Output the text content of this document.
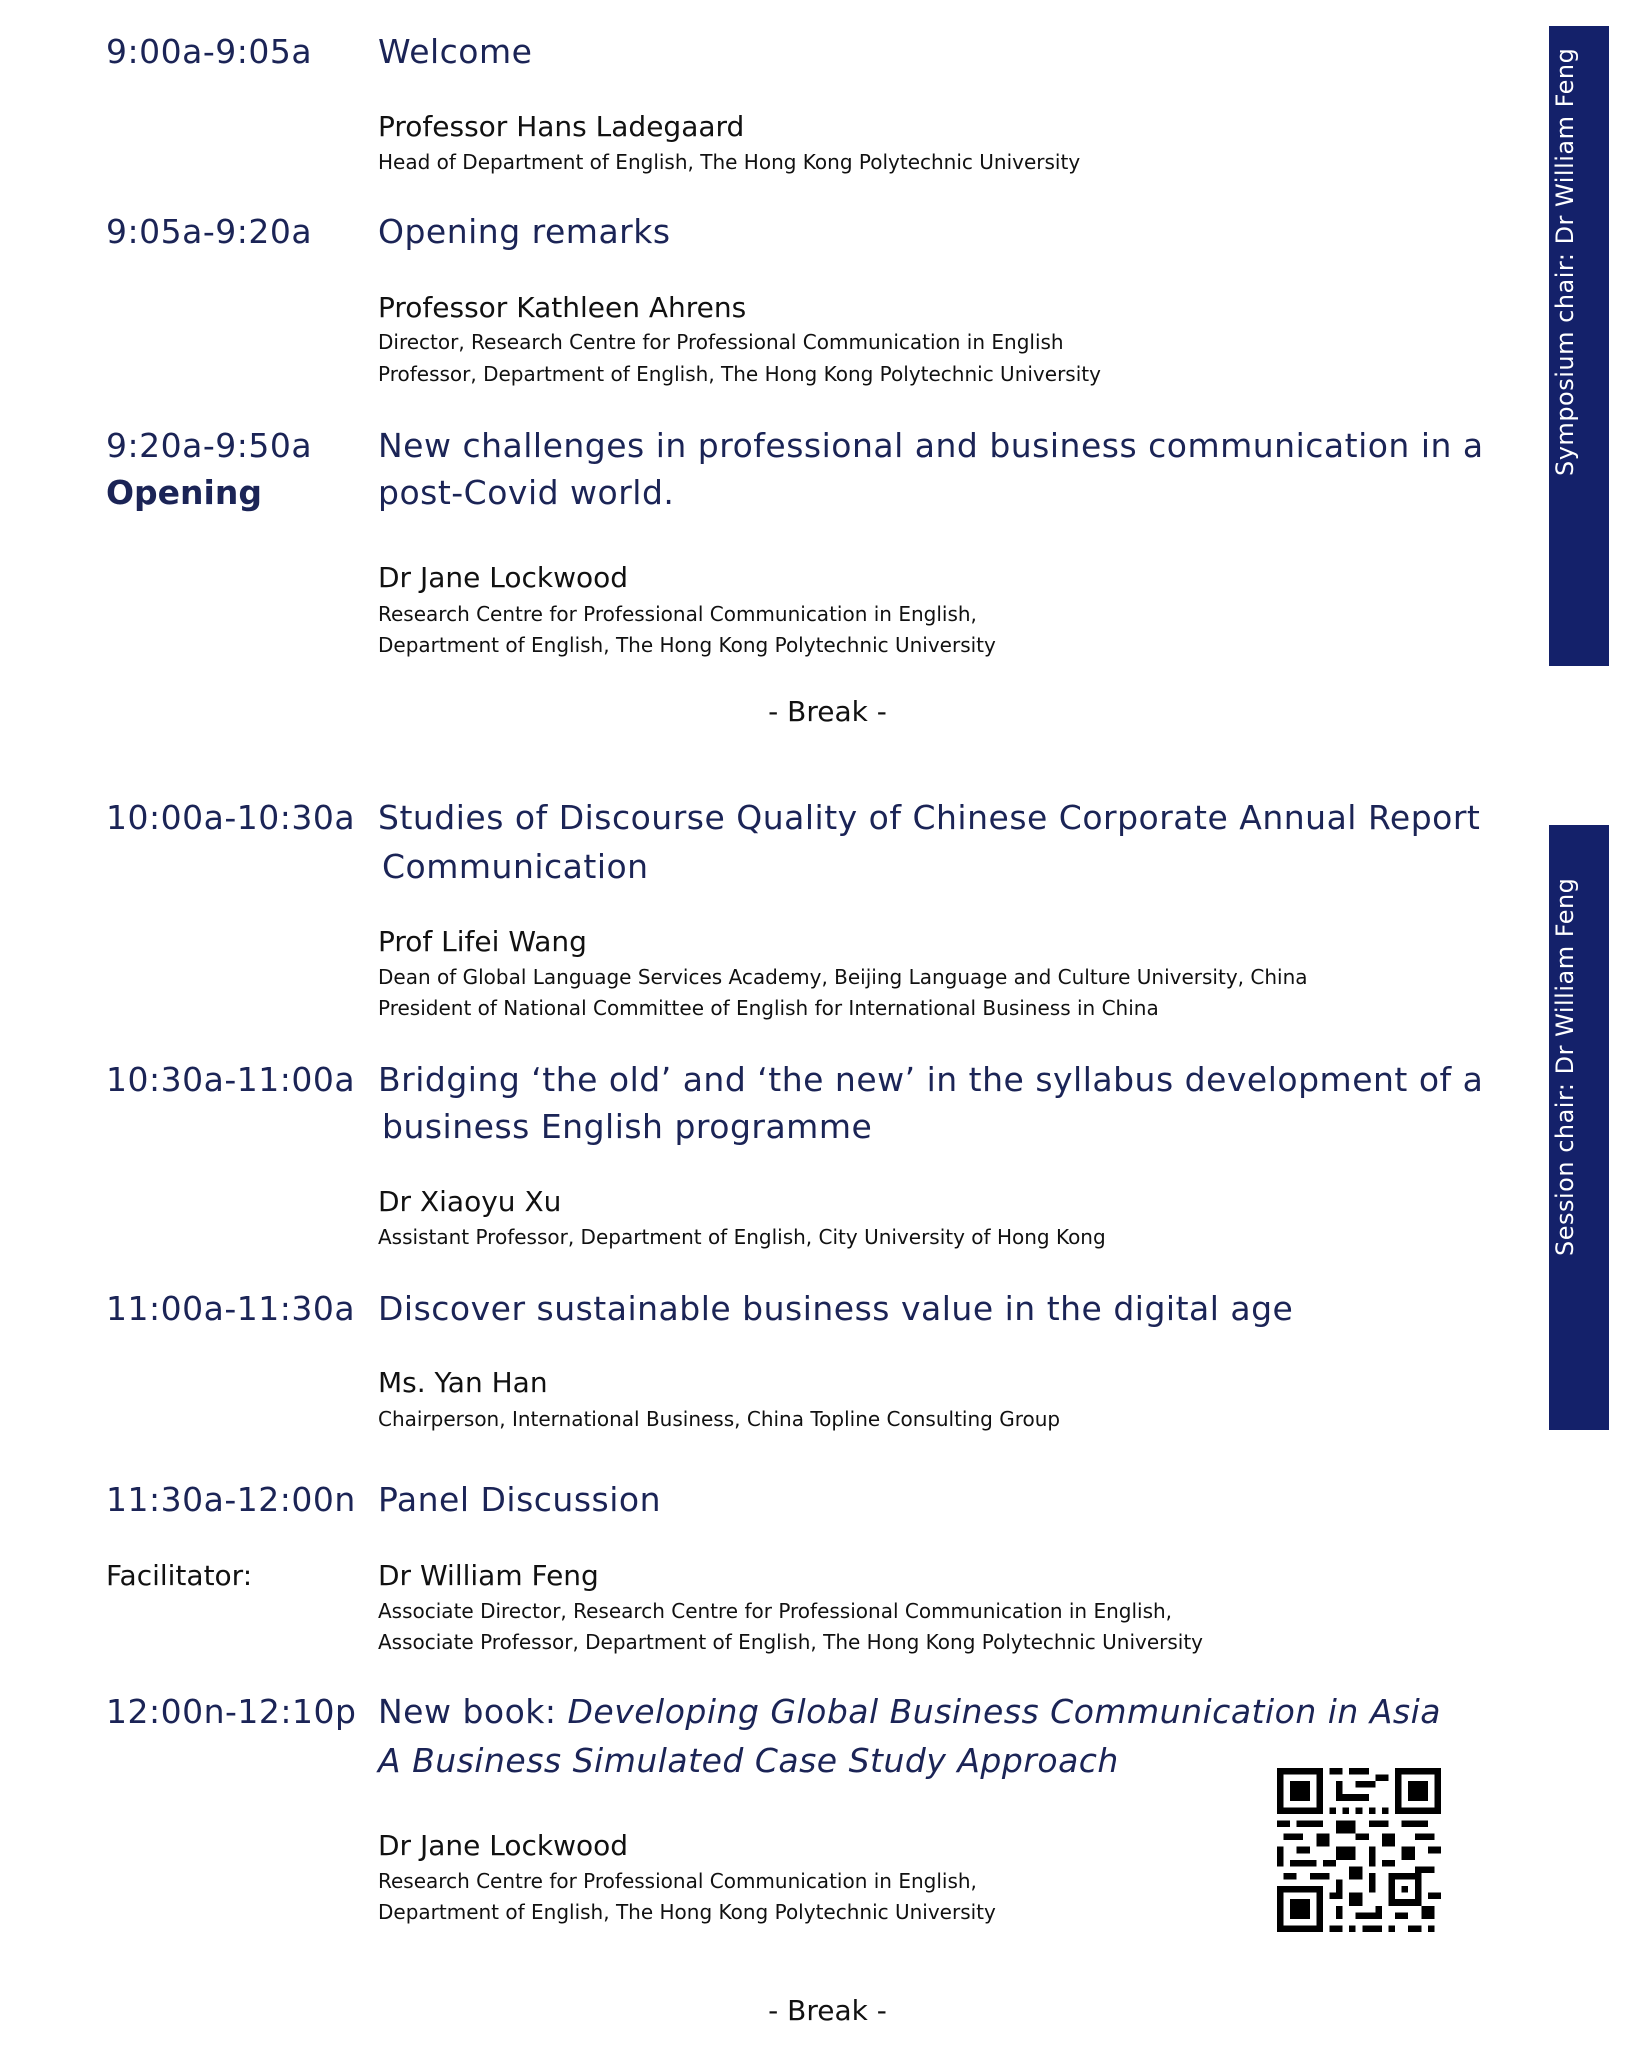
9:00a-9:05a Welcome
Professor Hans Ladegaard
Head of Department of English, The Hong Kong Polytechnic University
9:05a-9:20a Opening remarks
Professor Kathleen Ahrens
Director, Research Centre for Professional Communication in English
Professor, Department of English, The Hong Kong Polytechnic University
9:20a-9:50a
Opening
New challenges in professional and business communication in a
post-Covid world.
Dr Jane Lockwood
Research Centre for Professional Communication in English,
Department of English, The Hong Kong Polytechnic University
- Break -
10:00a-10:30a Studies of Discourse Quality of Chinese Corporate Annual Report
Communication
Prof Lifei Wang
Dean of Global Language Services Academy, Beijing Language and Culture University, China
President of National Committee of English for International Business in China
10:30a-11:00a Bridging ‘the old’ and ‘the new’ in the syllabus development of a
business English programme
Dr Xiaoyu Xu
Assistant Professor, Department of English, City University of Hong Kong
11:00a-11:30a Discover sustainable business value in the digital age
Ms. Yan Han
Chairperson, International Business, China Topline Consulting Group
11:30a-12:00n Panel Discussion
Facilitator:	Dr William Feng
Associate Director, Research Centre for Professional Communication in English,
Associate Professor, Department of English, The Hong Kong Polytechnic University
12:00n-12:10p New book: Developing Global Business Communication in Asia
A Business Simulated Case Study Approach
Dr Jane Lockwood
Research Centre for Professional Communication in English,
Department of English, The Hong Kong Polytechnic University
- Break -
Symposium chair: Dr William Feng
Session chair: Dr William Feng
